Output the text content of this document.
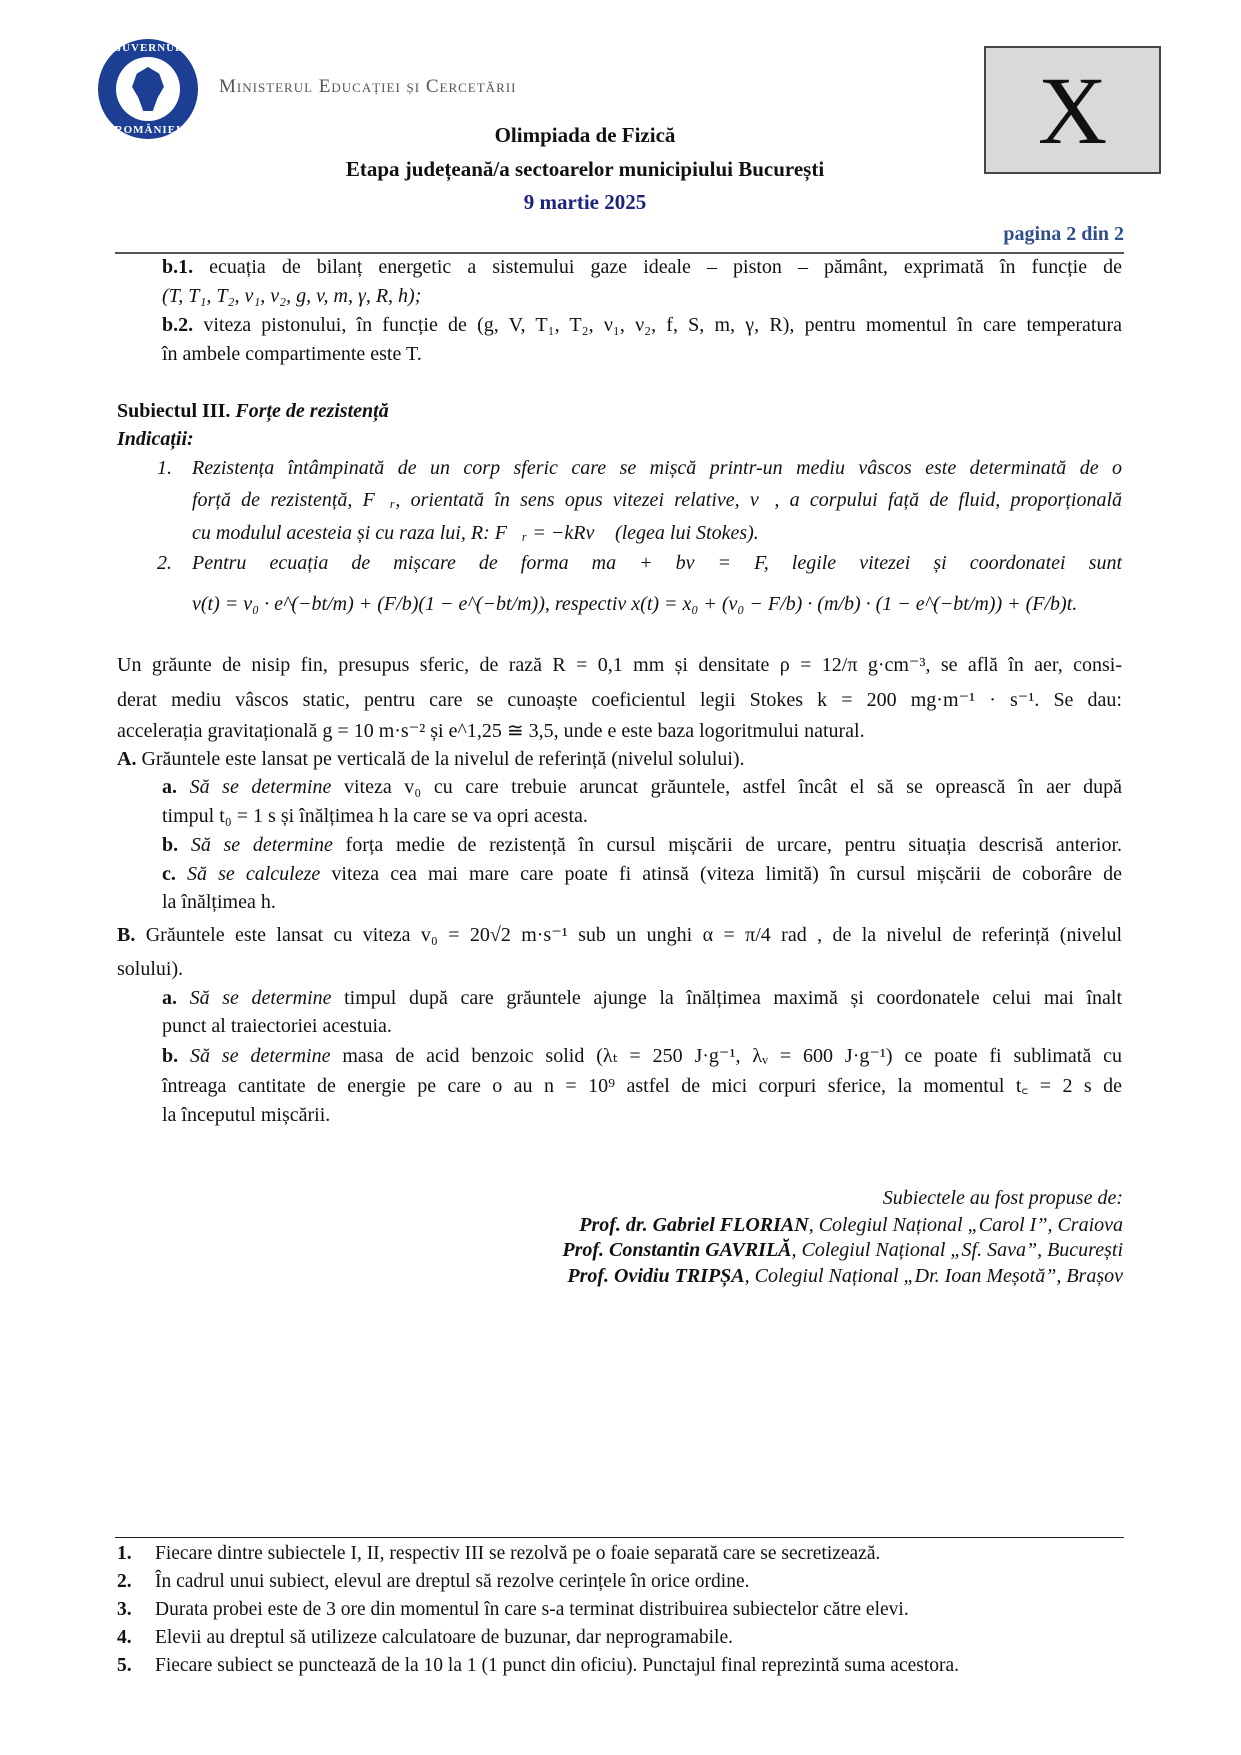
GUVERNUL
ROMÂNIEI
Ministerul Educației și Cercetării
Olimpiada de Fizică
Etapa județeană/a sectoarelor municipiului București
9 martie 2025
X
pagina 2 din 2
b.1. ecuația de bilanț energetic a sistemului gaze ideale – piston – pământ, exprimată în funcție de
(T, T₁, T₂, ν₁, ν₂, g, v, m, γ, R, h);
b.2. viteza pistonului, în funcție de (g, V, T₁, T₂, ν₁, ν₂, f, S, m, γ, R), pentru momentul în care temperatura
în ambele compartimente este T.
Subiectul III. Forțe de rezistență
Indicații:
1. Rezistența întâmpinată de un corp sferic care se mișcă printr-un mediu vâscos este determinată de o
forță de rezistență, F⃗ᵣ, orientată în sens opus vitezei relative, v⃗, a corpului față de fluid, proporțională
cu modulul acesteia și cu raza lui, R: F⃗ᵣ = −kRv⃗ (legea lui Stokes).
2. Pentru ecuația de mișcare de forma ma + bv = F, legile vitezei și coordonatei sunt
v(t) = v₀ · e^(−bt/m) + (F/b)(1 − e^(−bt/m)), respectiv x(t) = x₀ + (v₀ − F/b) · (m/b) · (1 − e^(−bt/m)) + (F/b)t.
Un grăunte de nisip fin, presupus sferic, de rază R = 0,1 mm și densitate ρ = 12/π g·cm⁻³, se află în aer, consi-
derat mediu vâscos static, pentru care se cunoaște coeficientul legii Stokes k = 200 mg·m⁻¹ · s⁻¹. Se dau:
accelerația gravitațională g = 10 m·s⁻² și e^1,25 ≅ 3,5, unde e este baza logoritmului natural.
A. Grăuntele este lansat pe verticală de la nivelul de referință (nivelul solului).
a. Să se determine viteza v₀ cu care trebuie aruncat grăuntele, astfel încât el să se oprească în aer după
timpul t₀ = 1 s și înălțimea h la care se va opri acesta.
b. Să se determine forța medie de rezistență în cursul mișcării de urcare, pentru situația descrisă anterior.
c. Să se calculeze viteza cea mai mare care poate fi atinsă (viteza limită) în cursul mișcării de coborâre de
la înălțimea h.
B. Grăuntele este lansat cu viteza v₀ = 20√2 m·s⁻¹ sub un unghi α = π/4 rad , de la nivelul de referință (nivelul
solului).
a. Să se determine timpul după care grăuntele ajunge la înălțimea maximă și coordonatele celui mai înalt
punct al traiectoriei acestuia.
b. Să se determine masa de acid benzoic solid (λₜ = 250 J·g⁻¹, λᵥ = 600 J·g⁻¹) ce poate fi sublimată cu
întreaga cantitate de energie pe care o au n = 10⁹ astfel de mici corpuri sferice, la momentul t꜀ = 2 s de
la începutul mișcării.
Subiectele au fost propuse de:
Prof. dr. Gabriel FLORIAN, Colegiul Național „Carol I”, Craiova
Prof. Constantin GAVRILĂ, Colegiul Național „Sf. Sava”, București
Prof. Ovidiu TRIPȘA, Colegiul Național „Dr. Ioan Meșotă”, Brașov
1. Fiecare dintre subiectele I, II, respectiv III se rezolvă pe o foaie separată care se secretizează.
2. În cadrul unui subiect, elevul are dreptul să rezolve cerințele în orice ordine.
3. Durata probei este de 3 ore din momentul în care s-a terminat distribuirea subiectelor către elevi.
4. Elevii au dreptul să utilizeze calculatoare de buzunar, dar neprogramabile.
5. Fiecare subiect se punctează de la 10 la 1 (1 punct din oficiu). Punctajul final reprezintă suma acestora.
